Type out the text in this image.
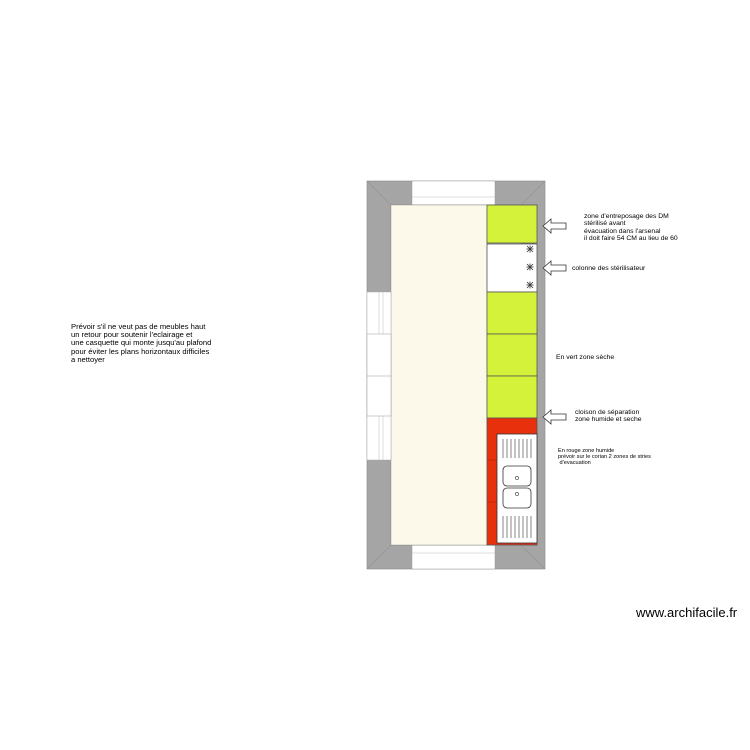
Prévoir s'il ne veut pas de meubles haut
un retour pour soutenir l'eclairage et
une casquette qui monte jusqu'au plafond
pour éviter les plans horizontaux difficiles
a nettoyer
zone d'entreposage des DM
stérilisé avant
évacuation dans l'arsenal
il doit faire 54 CM au lieu de 60
colonne des stérilisateur
En vert zone sèche
cloison de séparation
zone humide et seche
En rouge zone humide
prévoir sur le corian 2 zones de stries
d'evacuation
www.archifacile.fr
